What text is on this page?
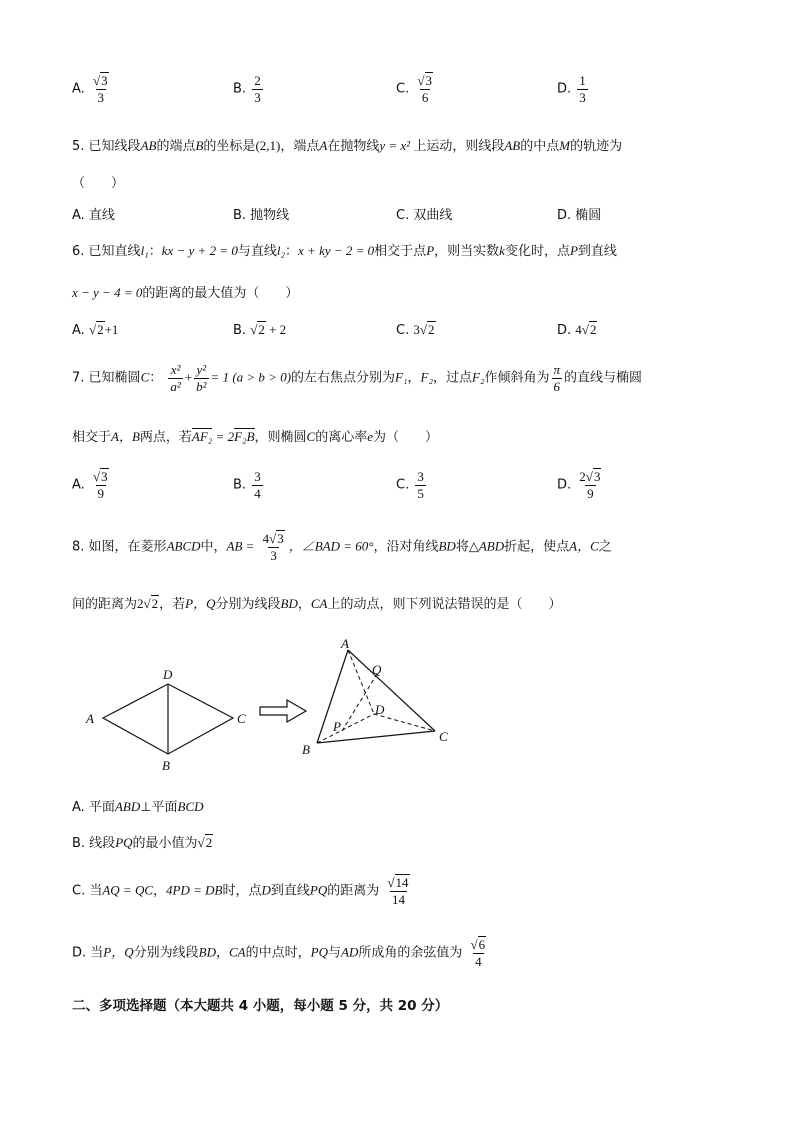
A. $\frac{√3}{3}$	B. $\frac{2}{3}$	C. $\frac{√3}{6}$	D. $\frac{1}{3}$
5. 已知线段AB的端点B的坐标是(2,1)，端点A在抛物线y = x² 上运动，则线段AB的中点M的轨迹为
（　　）
A. 直线	B. 抛物线	C. 双曲线	D. 椭圆
6. 已知直线l₁：kx − y + 2 = 0与直线l₂：x + ky − 2 = 0相交于点P，则当实数k变化时，点P到直线
x − y − 4 = 0的距离的最大值为（　　）
A. √2+1	B. √2 + 2	C. 3√2	D. 4√2
7. 已知椭圆C： $\frac{\text{x²}}{\text{a²}} + \frac{\text{y²}}{\text{b²}} = 1$ (a > b > 0)的左右焦点分别为F₁，F₂，过点F₂作倾斜角为 $\frac{\pi}{6}$ 的直线与椭圆
相交于A，B两点，若AF₂ = 2F₂B，则椭圆C的离心率e为（　　）
A. $\frac{√3}{9}$	B. $\frac{3}{4}$	C. $\frac{3}{5}$	D. $\frac{2√3}{9}$
8. 如图，在菱形ABCD中，AB = $\frac{4√3}{3}$ ，∠BAD = 60°，沿对角线BD将△ABD折起，使点A，C之
间的距离为2√2，若P，Q分别为线段BD，CA上的动点，则下列说法错误的是（　　）
A
D
C
B
A
Q
D
P
B
C
A. 平面ABD⊥平面BCD
B. 线段PQ的最小值为√2
C. 当AQ = QC，4PD = DB时，点D到直线PQ的距离为 $\frac{√14}{14}$
D. 当P，Q分别为线段BD，CA的中点时，PQ与AD所成角的余弦值为 $\frac{√6}{4}$
二、多项选择题（本大题共 4 小题，每小题 5 分，共 20 分）
